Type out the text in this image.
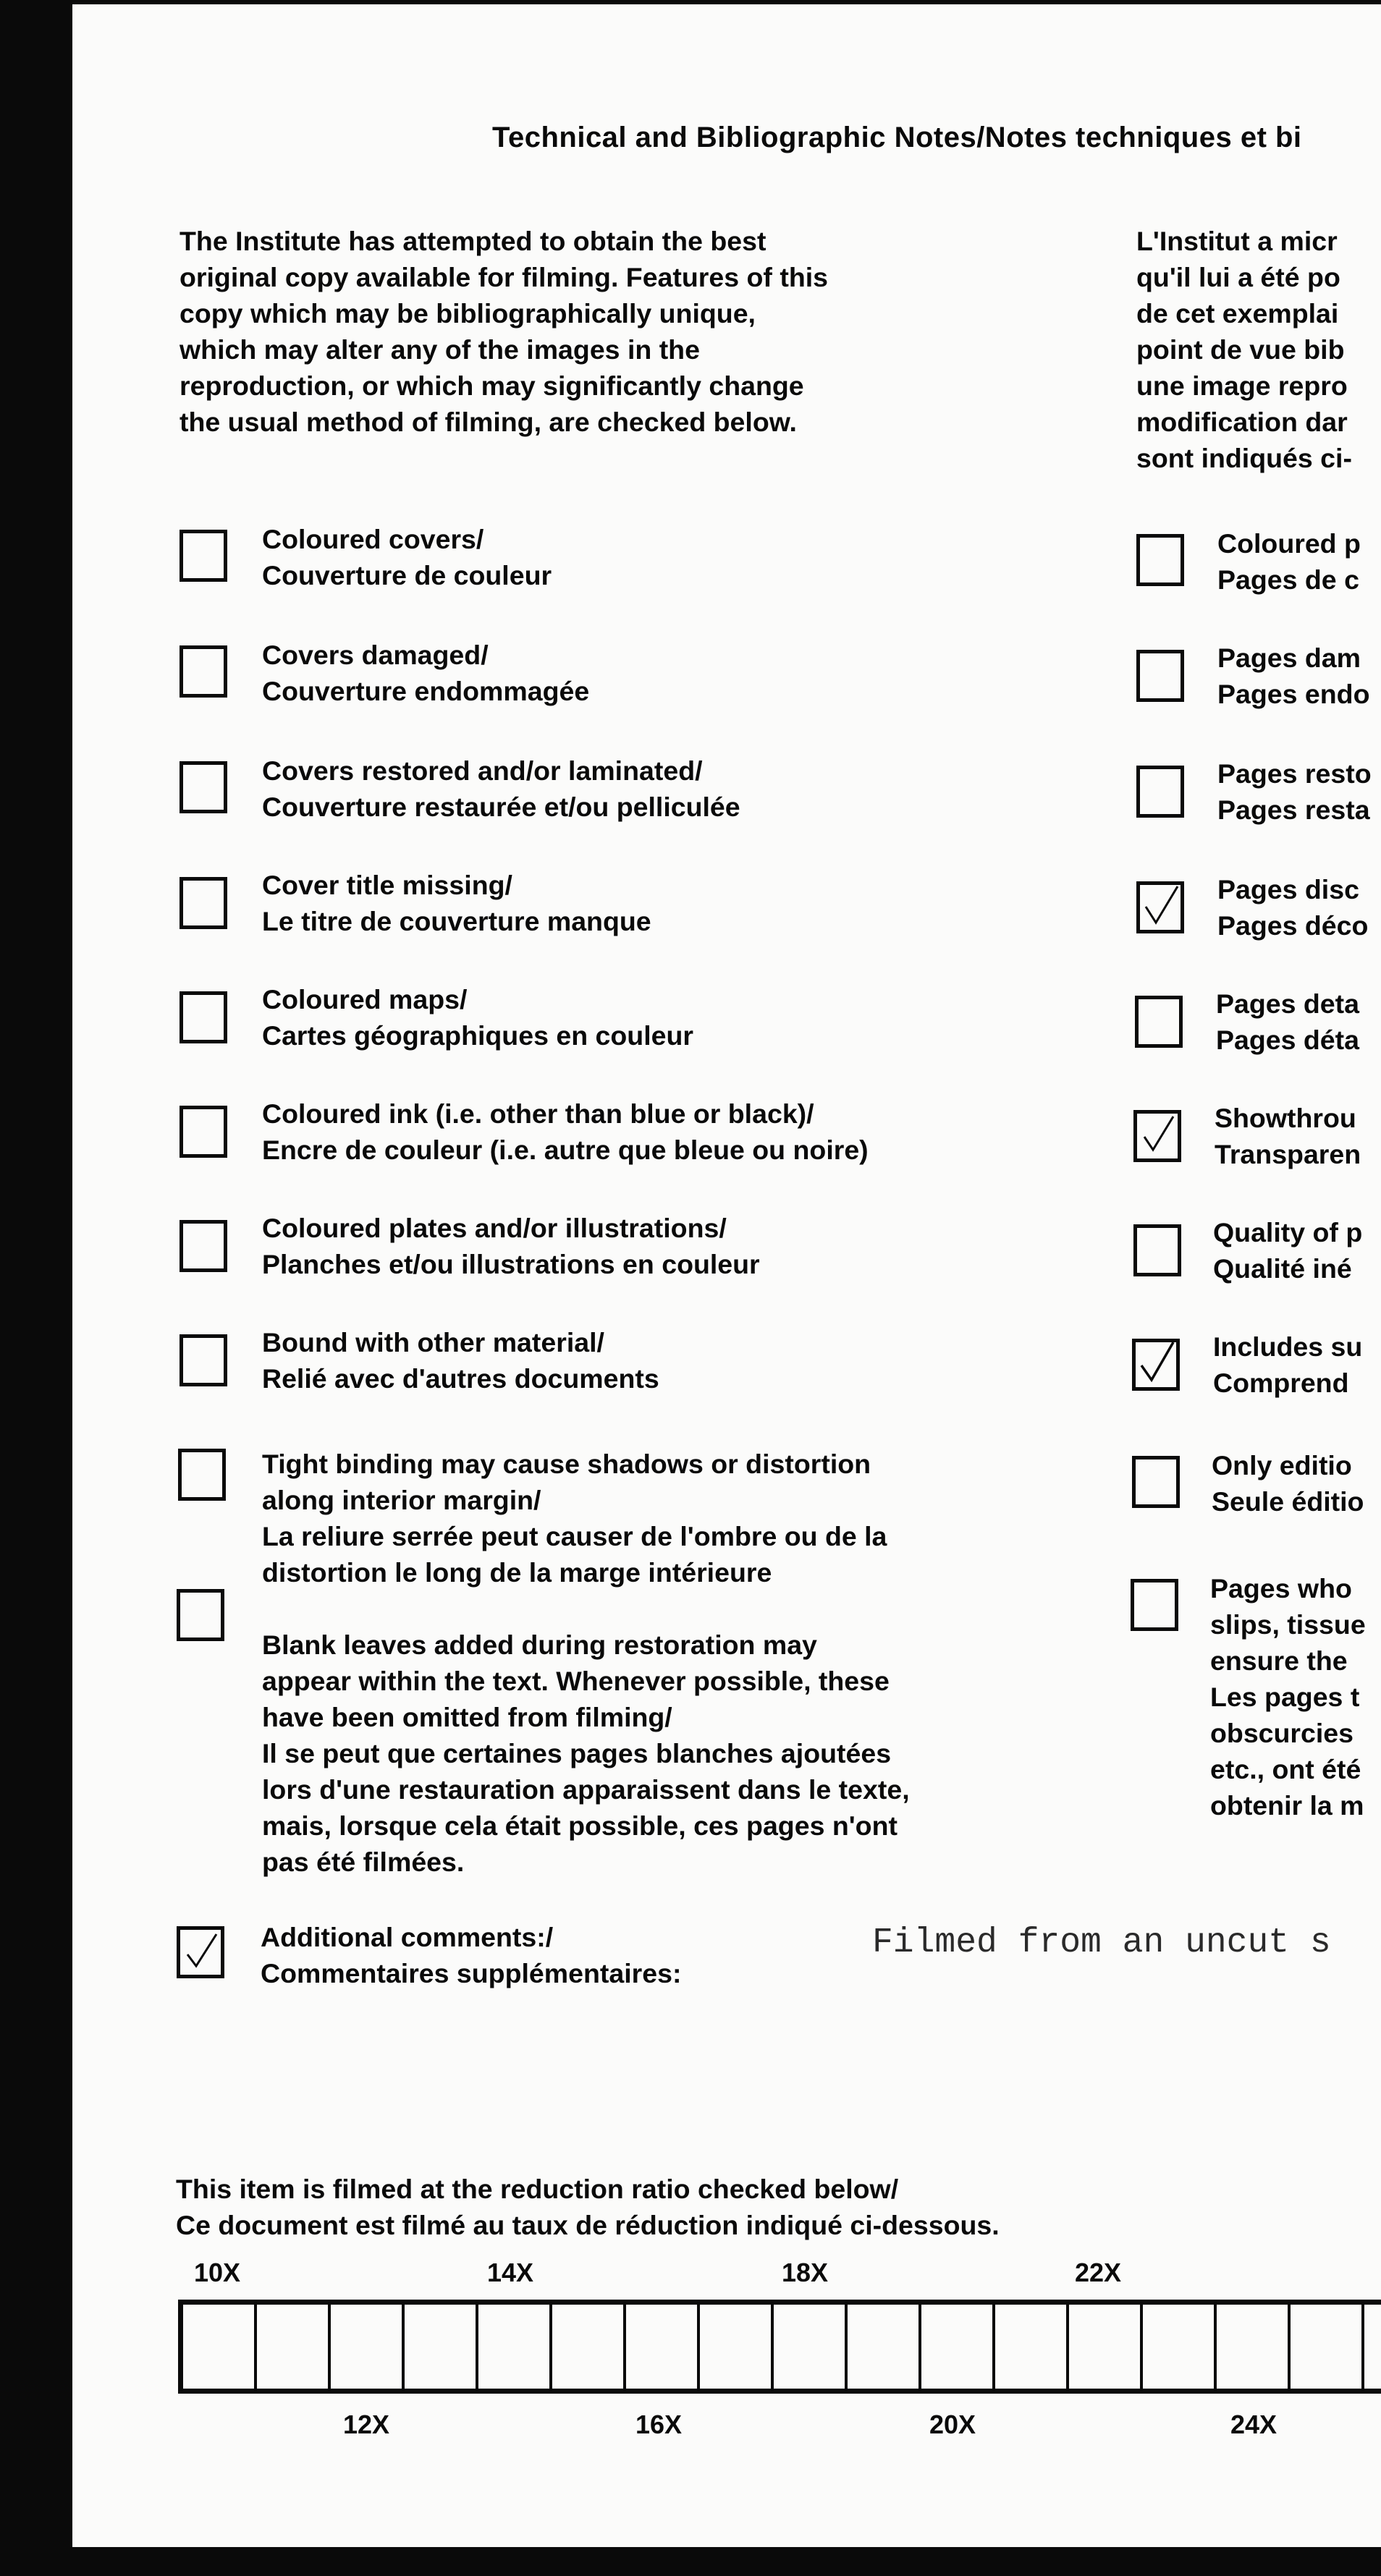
Technical and Bibliographic Notes/Notes techniques et bi
The Institute has attempted to obtain the best
original copy available for filming. Features of this
copy which may be bibliographically unique,
which may alter any of the images in the
reproduction, or which may significantly change
the usual method of filming, are checked below.
L'Institut a micr
qu'il lui a été po
de cet exemplai
point de vue bib
une image repro
modification dar
sont indiqués ci-
Coloured covers/
Couverture de couleur
Covers damaged/
Couverture endommagée
Covers restored and/or laminated/
Couverture restaurée et/ou pelliculée
Cover title missing/
Le titre de couverture manque
Coloured maps/
Cartes géographiques en couleur
Coloured ink (i.e. other than blue or black)/
Encre de couleur (i.e. autre que bleue ou noire)
Coloured plates and/or illustrations/
Planches et/ou illustrations en couleur
Bound with other material/
Relié avec d'autres documents
Tight binding may cause shadows or distortion
along interior margin/
La reliure serrée peut causer de l'ombre ou de la
distortion le long de la marge intérieure
Blank leaves added during restoration may
appear within the text. Whenever possible, these
have been omitted from filming/
Il se peut que certaines pages blanches ajoutées
lors d'une restauration apparaissent dans le texte,
mais, lorsque cela était possible, ces pages n'ont
pas été filmées.
Additional comments:/
Commentaires supplémentaires:
Filmed from an uncut s
Coloured p
Pages de c
Pages dam
Pages endo
Pages resto
Pages resta
Pages disc
Pages déco
Pages deta
Pages déta
Showthrou
Transparen
Quality of p
Qualité iné
Includes su
Comprend
Only editio
Seule éditio
Pages who
slips, tissue
ensure the
Les pages t
obscurcies
etc., ont été
obtenir la m
This item is filmed at the reduction ratio checked below/
Ce document est filmé au taux de réduction indiqué ci-dessous.
10X	14X	18X	22X
12X	16X	20X	24X
